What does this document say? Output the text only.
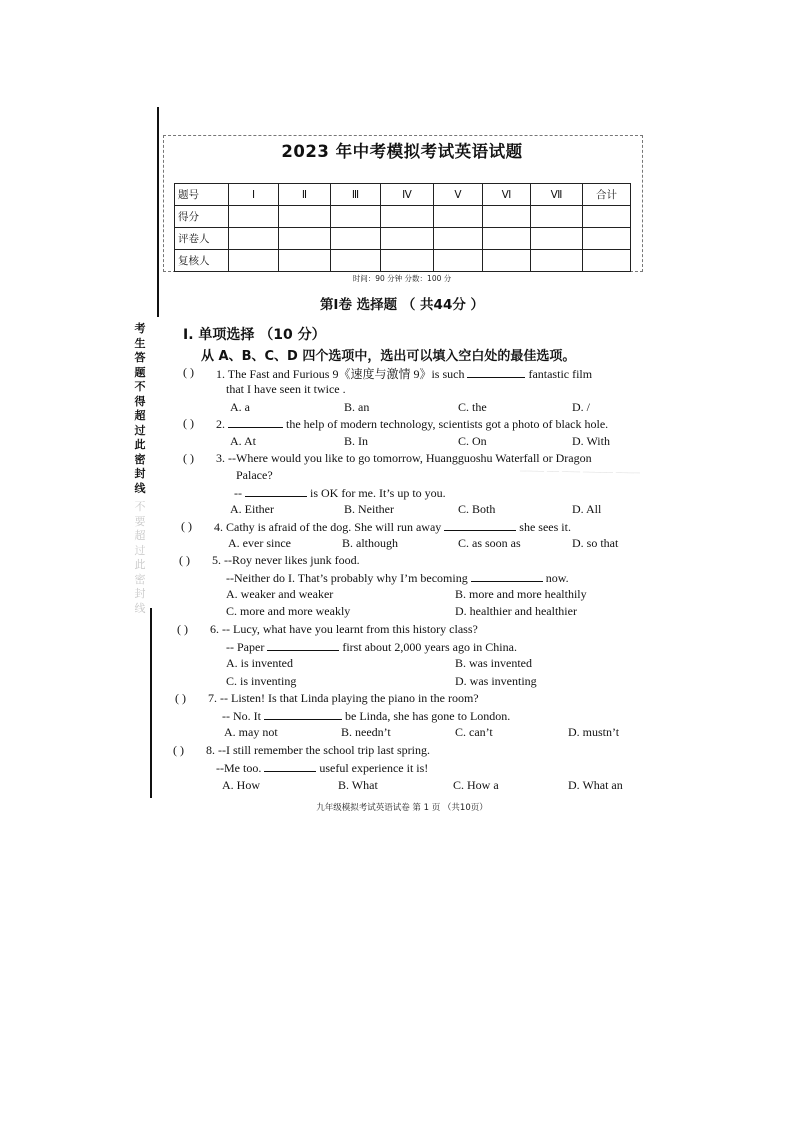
考生答题不得超过此密封线
不要超过此密封线
____ __ ___ _____ ____
2023 年中考模拟考试英语试题
题号	Ⅰ	Ⅱ	Ⅲ	Ⅳ	Ⅴ	Ⅵ	Ⅶ	合计
得分								
评卷人								
复核人								
时间：90 分钟 分数：100 分
第Ⅰ卷 选择题 （ 共44分 ）
I. 单项选择 （10 分）
从 A、B、C、D 四个选项中，选出可以填入空白处的最佳选项。
( ) 1. The Fast and Furious 9《速度与激情 9》is such	fantastic film
that I have seen it twice .
A. a	B. an	C. the	D. /
( ) 2.	the help of modern technology, scientists got a photo of black hole.
A. At	B. In	C. On	D. With
( ) 3. --Where would you like to go tomorrow, Huangguoshu Waterfall or Dragon
Palace?
--	is OK for me. It’s up to you.
A. Either	B. Neither	C. Both	D. All
( ) 4. Cathy is afraid of the dog. She will run away	she sees it.
A. ever since	B. although	C. as soon as	D. so that
( ) 5. --Roy never likes junk food.
--Neither do I. That’s probably why I’m becoming	now.
A. weaker and weaker	B. more and more healthily
C. more and more weakly	D. healthier and healthier
( ) 6. -- Lucy, what have you learnt from this history class?
-- Paper	first about 2,000 years ago in China.
A. is invented	B. was invented
C. is inventing	D. was inventing
( ) 7. -- Listen! Is that Linda playing the piano in the room?
-- No. It	be Linda, she has gone to London.
A. may not	B. needn’t	C. can’t	D. mustn’t
( ) 8. --I still remember the school trip last spring.
--Me too.	useful experience it is!
A. How	B. What	C. How a	D. What an
九年级模拟考试英语试卷 第 1 页 （共10页）
